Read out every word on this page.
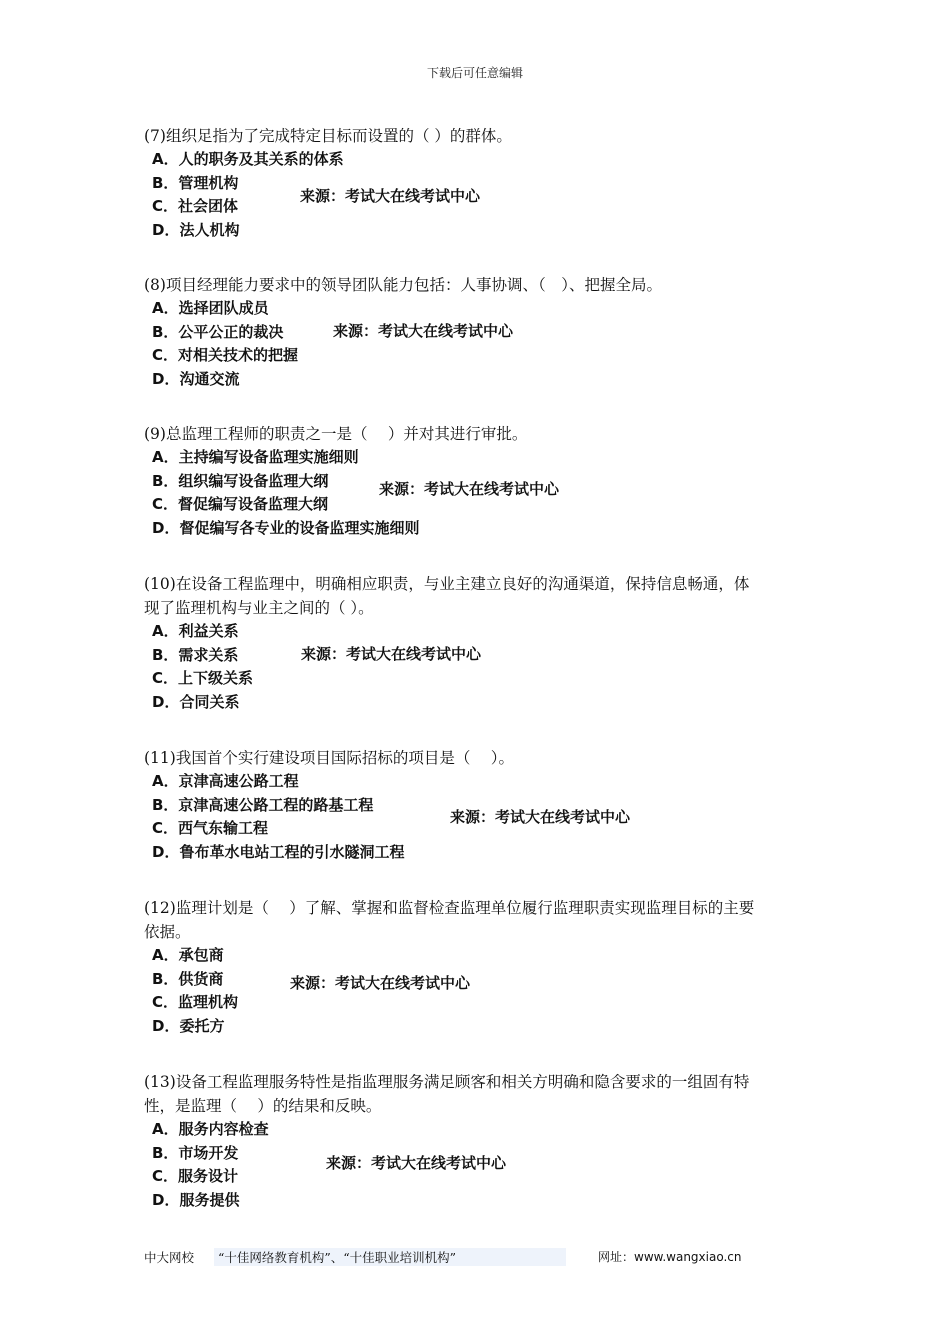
下载后可任意编辑
(7)组织足指为了完成特定目标而设置的（ ）的群体。
A．人的职务及其关系的体系
B．管理机构
C．社会团体
D．法人机构
来源：考试大在线考试中心
(8)项目经理能力要求中的领导团队能力包括：人事协调、（　）、把握全局。
A．选择团队成员
B．公平公正的裁决
C．对相关技术的把握
D．沟通交流
来源：考试大在线考试中心
(9)总监理工程师的职责之一是（　 ）并对其进行审批。
A．主持编写设备监理实施细则
B．组织编写设备监理大纲
C．督促编写设备监理大纲
D．督促编写各专业的设备监理实施细则
来源：考试大在线考试中心
(10)在设备工程监理中，明确相应职责，与业主建立良好的沟通渠道，保持信息畅通，体
现了监理机构与业主之间的（ ）。
A．利益关系
B．需求关系
C．上下级关系
D．合同关系
来源：考试大在线考试中心
(11)我国首个实行建设项目国际招标的项目是（　 ）。
A．京津高速公路工程
B．京津高速公路工程的路基工程
C．西气东输工程
D．鲁布革水电站工程的引水隧洞工程
来源：考试大在线考试中心
(12)监理计划是（　 ）了解、掌握和监督检查监理单位履行监理职责实现监理目标的主要
依据。
A．承包商
B．供货商
C．监理机构
D．委托方
来源：考试大在线考试中心
(13)设备工程监理服务特性是指监理服务满足顾客和相关方明确和隐含要求的一组固有特
性，是监理（　 ）的结果和反映。
A．服务内容检查
B．市场开发
C．服务设计
D．服务提供
来源：考试大在线考试中心
中大网校	“十佳网络教育机构”、“十佳职业培训机构”	网址：www.wangxiao.cn
